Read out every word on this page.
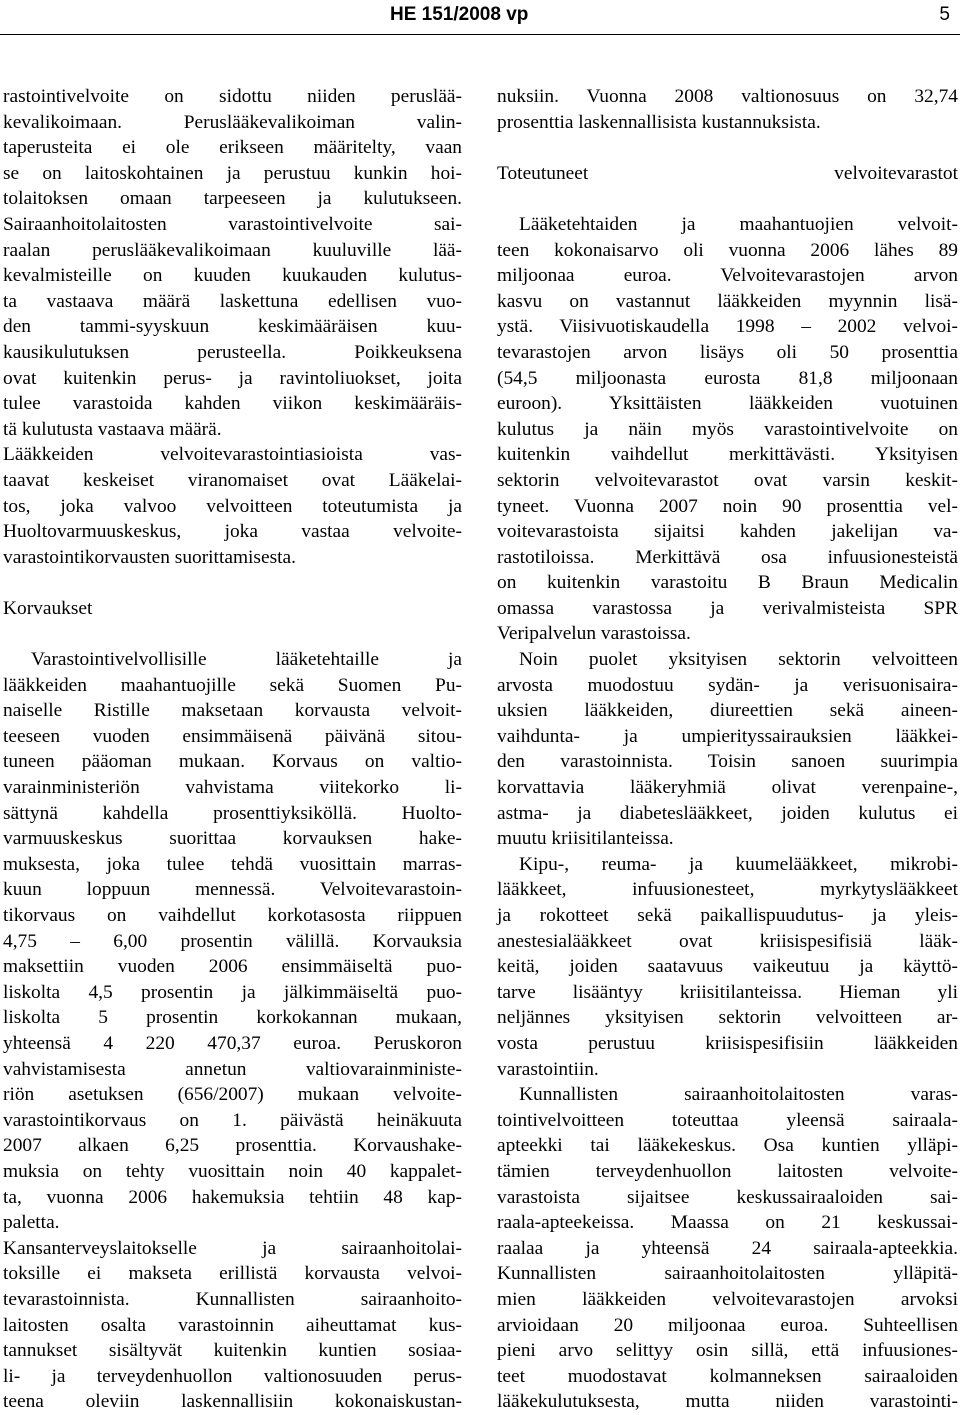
HE 151/2008 vp	5

rastointivelvoite on sidottu niiden peruslää-

kevalikoimaan. Peruslääkevalikoiman valin-

taperusteita ei ole erikseen määritelty, vaan

se on laitoskohtainen ja perustuu kunkin hoi-

tolaitoksen omaan tarpeeseen ja kulutukseen.

Sairaanhoitolaitosten varastointivelvoite sai-

raalan peruslääkevalikoimaan kuuluville lää-

kevalmisteille on kuuden kuukauden kulutus-

ta vastaava määrä laskettuna edellisen vuo-

den tammi-syyskuun keskimääräisen kuu-

kausikulutuksen perusteella. Poikkeuksena

ovat kuitenkin perus- ja ravintoliuokset, joita

tulee varastoida kahden viikon keskimääräis-

tä kulutusta vastaava määrä.

Lääkkeiden velvoitevarastointiasioista vas-

taavat keskeiset viranomaiset ovat Lääkelai-

tos, joka valvoo velvoitteen toteutumista ja

Huoltovarmuuskeskus, joka vastaa velvoite-

varastointikorvausten suorittamisesta.

Korvaukset

Varastointivelvollisille lääketehtaille ja

lääkkeiden maahantuojille sekä Suomen Pu-

naiselle Ristille maksetaan korvausta velvoit-

teeseen vuoden ensimmäisenä päivänä sitou-

tuneen pääoman mukaan. Korvaus on valtio-

varainministeriön vahvistama viitekorko li-

sättynä kahdella prosenttiyksiköllä. Huolto-

varmuuskeskus suorittaa korvauksen hake-

muksesta, joka tulee tehdä vuosittain marras-

kuun loppuun mennessä. Velvoitevarastoin-

tikorvaus on vaihdellut korkotasosta riippuen

4,75 – 6,00 prosentin välillä. Korvauksia

maksettiin vuoden 2006 ensimmäiseltä puo-

liskolta 4,5 prosentin ja jälkimmäiseltä puo-

liskolta 5 prosentin korkokannan mukaan,

yhteensä 4 220 470,37 euroa. Peruskoron

vahvistamisesta annetun valtiovarainministe-

riön asetuksen (656/2007) mukaan velvoite-

varastointikorvaus on 1. päivästä heinäkuuta

2007 alkaen 6,25 prosenttia. Korvaushake-

muksia on tehty vuosittain noin 40 kappalet-

ta, vuonna 2006 hakemuksia tehtiin 48 kap-

paletta.

Kansanterveyslaitokselle ja sairaanhoitolai-

toksille ei makseta erillistä korvausta velvoi-

tevarastoinnista. Kunnallisten sairaanhoito-

laitosten osalta varastoinnin aiheuttamat kus-

tannukset sisältyvät kuitenkin kuntien sosiaa-

li- ja terveydenhuollon valtionosuuden perus-

teena oleviin laskennallisiin kokonaiskustan-

nuksiin. Vuonna 2008 valtionosuus on 32,74

prosenttia laskennallisista kustannuksista.

Toteutuneet velvoitevarastot

Lääketehtaiden ja maahantuojien velvoit-

teen kokonaisarvo oli vuonna 2006 lähes 89

miljoonaa euroa. Velvoitevarastojen arvon

kasvu on vastannut lääkkeiden myynnin lisä-

ystä. Viisivuotiskaudella 1998 – 2002 velvoi-

tevarastojen arvon lisäys oli 50 prosenttia

(54,5 miljoonasta eurosta 81,8 miljoonaan

euroon). Yksittäisten lääkkeiden vuotuinen

kulutus ja näin myös varastointivelvoite on

kuitenkin vaihdellut merkittävästi. Yksityisen

sektorin velvoitevarastot ovat varsin keskit-

tyneet. Vuonna 2007 noin 90 prosenttia vel-

voitevarastoista sijaitsi kahden jakelijan va-

rastotiloissa. Merkittävä osa infuusionesteistä

on kuitenkin varastoitu B Braun Medicalin

omassa varastossa ja verivalmisteista SPR

Veripalvelun varastoissa.

Noin puolet yksityisen sektorin velvoitteen

arvosta muodostuu sydän- ja verisuonisaira-

uksien lääkkeiden, diureettien sekä aineen-

vaihdunta- ja umpierityssairauksien lääkkei-

den varastoinnista. Toisin sanoen suurimpia

korvattavia lääkeryhmiä olivat verenpaine-,

astma- ja diabeteslääkkeet, joiden kulutus ei

muutu kriisitilanteissa.

Kipu-, reuma- ja kuumelääkkeet, mikrobi-

lääkkeet, infuusionesteet, myrkytyslääkkeet

ja rokotteet sekä paikallispuudutus- ja yleis-

anestesialääkkeet ovat kriisispesifisiä lääk-

keitä, joiden saatavuus vaikeutuu ja käyttö-

tarve lisääntyy kriisitilanteissa. Hieman yli

neljännes yksityisen sektorin velvoitteen ar-

vosta perustuu kriisispesifisiin lääkkeiden

varastointiin.

Kunnallisten sairaanhoitolaitosten varas-

tointivelvoitteen toteuttaa yleensä sairaala-

apteekki tai lääkekeskus. Osa kuntien ylläpi-

tämien terveydenhuollon laitosten velvoite-

varastoista sijaitsee keskussairaaloiden sai-

raala-apteekeissa. Maassa on 21 keskussai-

raalaa ja yhteensä 24 sairaala-apteekkia.

Kunnallisten sairaanhoitolaitosten ylläpitä-

mien lääkkeiden velvoitevarastojen arvoksi

arvioidaan 20 miljoonaa euroa. Suhteellisen

pieni arvo selittyy osin sillä, että infuusiones-

teet muodostavat kolmanneksen sairaaloiden

lääkekulutuksesta, mutta niiden varastointi-
